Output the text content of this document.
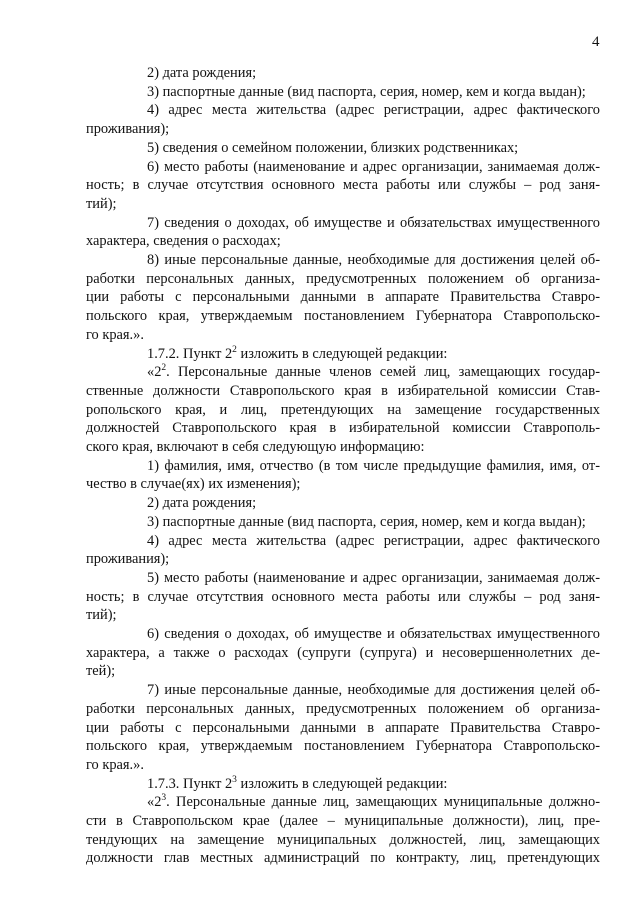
4
2) дата рождения;
3) паспортные данные (вид паспорта, серия, номер, кем и когда выдан);
4) адрес места жительства (адрес регистрации, адрес фактического
проживания);
5) сведения о семейном положении, близких родственниках;
6) место работы (наименование и адрес организации, занимаемая долж-
ность; в случае отсутствия основного места работы или службы – род заня-
тий);
7) сведения о доходах, об имуществе и обязательствах имущественного
характера, сведения о расходах;
8) иные персональные данные, необходимые для достижения целей об-
работки персональных данных, предусмотренных положением об организа-
ции работы с персональными данными в аппарате Правительства Ставро-
польского края, утверждаемым постановлением Губернатора Ставропольско-
го края.».
1.7.2. Пункт $2^2$ изложить в следующей редакции:
«$2^2$. Персональные данные членов семей лиц, замещающих государ-
ственные должности Ставропольского края в избирательной комиссии Став-
ропольского края, и лиц, претендующих на замещение государственных
должностей Ставропольского края в избирательной комиссии Ставрополь-
ского края, включают в себя следующую информацию:
1) фамилия, имя, отчество (в том числе предыдущие фамилия, имя, от-
чество в случае(ях) их изменения);
2) дата рождения;
3) паспортные данные (вид паспорта, серия, номер, кем и когда выдан);
4) адрес места жительства (адрес регистрации, адрес фактического
проживания);
5) место работы (наименование и адрес организации, занимаемая долж-
ность; в случае отсутствия основного места работы или службы – род заня-
тий);
6) сведения о доходах, об имуществе и обязательствах имущественного
характера, а также о расходах (супруги (супруга) и несовершеннолетних де-
тей);
7) иные персональные данные, необходимые для достижения целей об-
работки персональных данных, предусмотренных положением об организа-
ции работы с персональными данными в аппарате Правительства Ставро-
польского края, утверждаемым постановлением Губернатора Ставропольско-
го края.».
1.7.3. Пункт $2^3$ изложить в следующей редакции:
«$2^3$. Персональные данные лиц, замещающих муниципальные должно-
сти в Ставропольском крае (далее – муниципальные должности), лиц, пре-
тендующих на замещение муниципальных должностей, лиц, замещающих
должности глав местных администраций по контракту, лиц, претендующих
